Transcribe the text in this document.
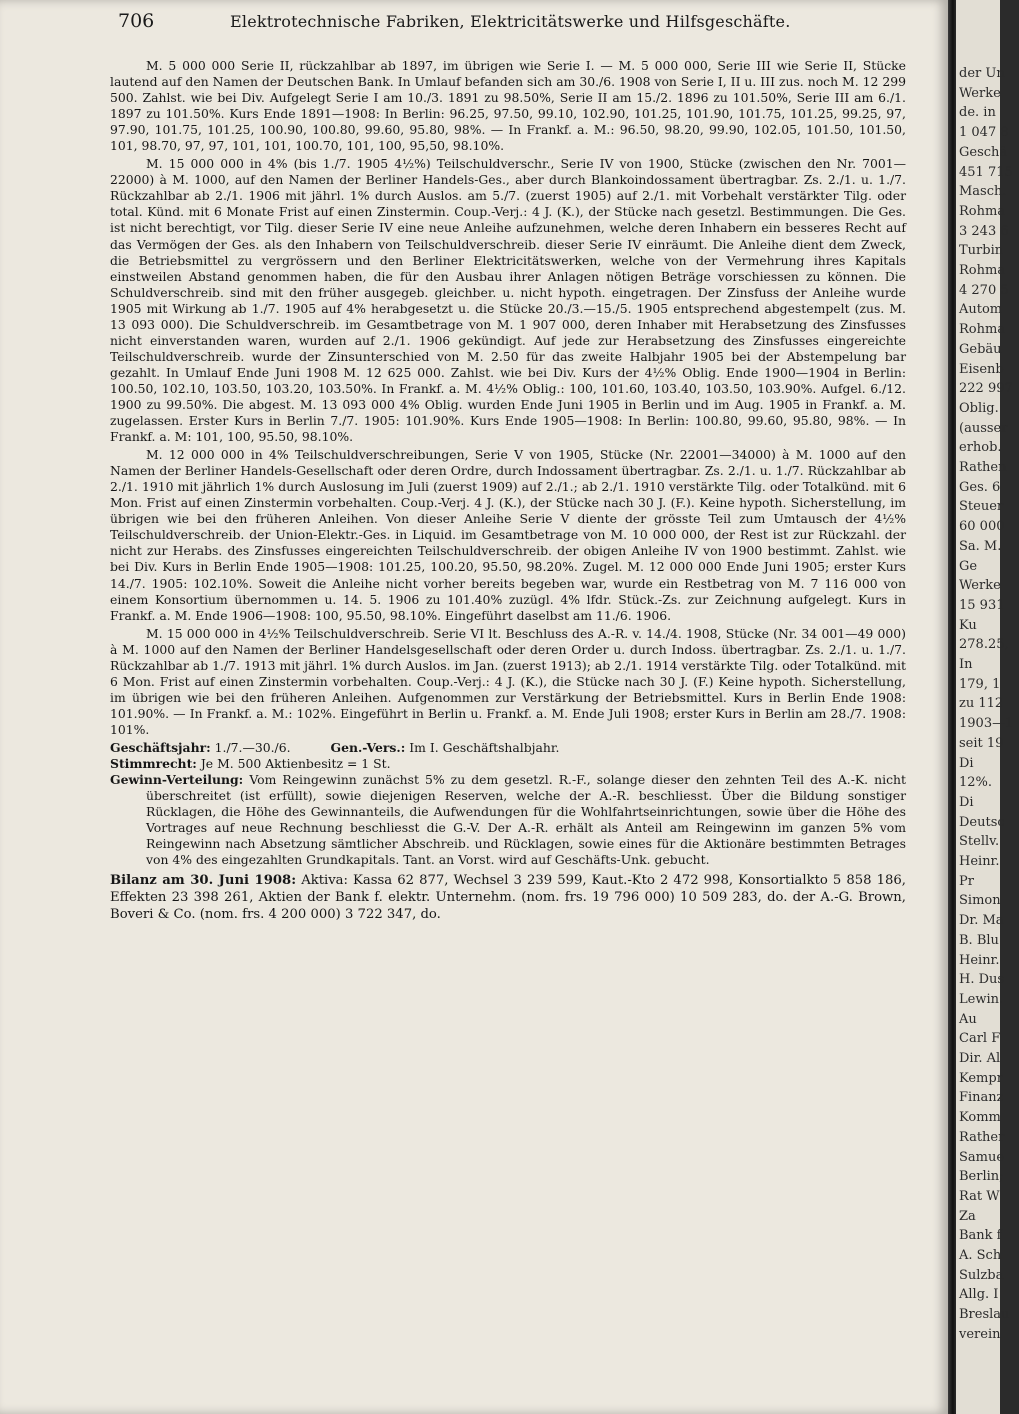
706	Elektrotechnische Fabriken, Elektricitätswerke und Hilfsgeschäfte.

M. 5 000 000 Serie II, rückzahlbar ab 1897, im übrigen wie Serie I. — M. 5 000 000, Serie III wie Serie II, Stücke lautend auf den Namen der Deutschen Bank. In Umlauf befanden sich am 30./6. 1908 von Serie I, II u. III zus. noch M. 12 299 500. Zahlst. wie bei Div. Aufgelegt Serie I am 10./3. 1891 zu 98.50%, Serie II am 15./2. 1896 zu 101.50%, Serie III am 6./1. 1897 zu 101.50%. Kurs Ende 1891—1908: In Berlin: 96.25, 97.50, 99.10, 102.90, 101.25, 101.90, 101.75, 101.25, 99.25, 97, 97.90, 101.75, 101.25, 100.90, 100.80, 99.60, 95.80, 98%. — In Frankf. a. M.: 96.50, 98.20, 99.90, 102.05, 101.50, 101.50, 101, 98.70, 97, 97, 101, 101, 100.70, 101, 100, 95,50, 98.10%.

M. 15 000 000 in 4% (bis 1./7. 1905 4½%) Teilschuldverschr., Serie IV von 1900, Stücke (zwischen den Nr. 7001—22000) à M. 1000, auf den Namen der Berliner Handels-Ges., aber durch Blankoindossament übertragbar. Zs. 2./1. u. 1./7. Rückzahlbar ab 2./1. 1906 mit jährl. 1% durch Auslos. am 5./7. (zuerst 1905) auf 2./1. mit Vorbehalt verstärkter Tilg. oder total. Künd. mit 6 Monate Frist auf einen Zinstermin. Coup.-Verj.: 4 J. (K.), der Stücke nach gesetzl. Bestimmungen. Die Ges. ist nicht berechtigt, vor Tilg. dieser Serie IV eine neue Anleihe aufzunehmen, welche deren Inhabern ein besseres Recht auf das Vermögen der Ges. als den Inhabern von Teilschuldverschreib. dieser Serie IV einräumt. Die Anleihe dient dem Zweck, die Betriebsmittel zu vergrössern und den Berliner Elektricitätswerken, welche von der Vermehrung ihres Kapitals einstweilen Abstand genommen haben, die für den Ausbau ihrer Anlagen nötigen Beträge vorschiessen zu können. Die Schuldverschreib. sind mit den früher ausgegeb. gleichber. u. nicht hypoth. eingetragen. Der Zinsfuss der Anleihe wurde 1905 mit Wirkung ab 1./7. 1905 auf 4% herabgesetzt u. die Stücke 20./3.—15./5. 1905 entsprechend abgestempelt (zus. M. 13 093 000). Die Schuldverschreib. im Gesamtbetrage von M. 1 907 000, deren Inhaber mit Herabsetzung des Zinsfusses nicht einverstanden waren, wurden auf 2./1. 1906 gekündigt. Auf jede zur Herabsetzung des Zinsfusses eingereichte Teilschuldverschreib. wurde der Zinsunterschied von M. 2.50 für das zweite Halbjahr 1905 bei der Abstempelung bar gezahlt. In Umlauf Ende Juni 1908 M. 12 625 000. Zahlst. wie bei Div. Kurs der 4½% Oblig. Ende 1900—1904 in Berlin: 100.50, 102.10, 103.50, 103.20, 103.50%. In Frankf. a. M. 4½% Oblig.: 100, 101.60, 103.40, 103.50, 103.90%. Aufgel. 6./12. 1900 zu 99.50%. Die abgest. M. 13 093 000 4% Oblig. wurden Ende Juni 1905 in Berlin und im Aug. 1905 in Frankf. a. M. zugelassen. Erster Kurs in Berlin 7./7. 1905: 101.90%. Kurs Ende 1905—1908: In Berlin: 100.80, 99.60, 95.80, 98%. — In Frankf. a. M: 101, 100, 95.50, 98.10%.

M. 12 000 000 in 4% Teilschuldverschreibungen, Serie V von 1905, Stücke (Nr. 22001—34000) à M. 1000 auf den Namen der Berliner Handels-Gesellschaft oder deren Ordre, durch Indossament übertragbar. Zs. 2./1. u. 1./7. Rückzahlbar ab 2./1. 1910 mit jährlich 1% durch Auslosung im Juli (zuerst 1909) auf 2./1.; ab 2./1. 1910 verstärkte Tilg. oder Totalkünd. mit 6 Mon. Frist auf einen Zinstermin vorbehalten. Coup.-Verj. 4 J. (K.), der Stücke nach 30 J. (F.). Keine hypoth. Sicherstellung, im übrigen wie bei den früheren Anleihen. Von dieser Anleihe Serie V diente der grösste Teil zum Umtausch der 4½% Teilschuldverschreib. der Union-Elektr.-Ges. in Liquid. im Gesamtbetrage von M. 10 000 000, der Rest ist zur Rückzahl. der nicht zur Herabs. des Zinsfusses eingereichten Teilschuldverschreib. der obigen Anleihe IV von 1900 bestimmt. Zahlst. wie bei Div. Kurs in Berlin Ende 1905—1908: 101.25, 100.20, 95.50, 98.20%. Zugel. M. 12 000 000 Ende Juni 1905; erster Kurs 14./7. 1905: 102.10%. Soweit die Anleihe nicht vorher bereits begeben war, wurde ein Restbetrag von M. 7 116 000 von einem Konsortium übernommen u. 14. 5. 1906 zu 101.40% zuzügl. 4% lfdr. Stück.-Zs. zur Zeichnung aufgelegt. Kurs in Frankf. a. M. Ende 1906—1908: 100, 95.50, 98.10%. Eingeführt daselbst am 11./6. 1906.

M. 15 000 000 in 4½% Teilschuldverschreib. Serie VI lt. Beschluss des A.-R. v. 14./4. 1908, Stücke (Nr. 34 001—49 000) à M. 1000 auf den Namen der Berliner Handelsgesellschaft oder deren Order u. durch Indoss. übertragbar. Zs. 2./1. u. 1./7. Rückzahlbar ab 1./7. 1913 mit jährl. 1% durch Auslos. im Jan. (zuerst 1913); ab 2./1. 1914 verstärkte Tilg. oder Totalkünd. mit 6 Mon. Frist auf einen Zinstermin vorbehalten. Coup.-Verj.: 4 J. (K.), die Stücke nach 30 J. (F.) Keine hypoth. Sicherstellung, im übrigen wie bei den früheren Anleihen. Aufgenommen zur Verstärkung der Betriebsmittel. Kurs in Berlin Ende 1908: 101.90%. — In Frankf. a. M.: 102%. Eingeführt in Berlin u. Frankf. a. M. Ende Juli 1908; erster Kurs in Berlin am 28./7. 1908: 101%.

Geschäftsjahr: 1./7.—30./6.	Gen.-Vers.: Im I. Geschäftshalbjahr.

Stimmrecht: Je M. 500 Aktienbesitz = 1 St.

Gewinn-Verteilung: Vom Reingewinn zunächst 5% zu dem gesetzl. R.-F., solange dieser den zehnten Teil des A.-K. nicht überschreitet (ist erfüllt), sowie diejenigen Reserven, welche der A.-R. beschliesst. Über die Bildung sonstiger Rücklagen, die Höhe des Gewinnanteils, die Aufwendungen für die Wohlfahrtseinrichtungen, sowie über die Höhe des Vortrages auf neue Rechnung beschliesst die G.-V. Der A.-R. erhält als Anteil am Reingewinn im ganzen 5% vom Reingewinn nach Absetzung sämtlicher Abschreib. und Rücklagen, sowie eines für die Aktionäre bestimmten Betrages von 4% des eingezahlten Grundkapitals. Tant. an Vorst. wird auf Geschäfts-Unk. gebucht.

Bilanz am 30. Juni 1908: Aktiva: Kassa 62 877, Wechsel 3 239 599, Kaut.-Kto 2 472 998, Konsortialkto 5 858 186, Effekten 23 398 261, Aktien der Bank f. elektr. Unternehm. (nom. frs. 19 796 000) 10 509 283, do. der A.-G. Brown, Boveri & Co. (nom. frs. 4 200 000) 3 722 347, do.

der Un
Werke
de. in
1 047 8
Geschä
451 715
Masch.
Rohma
3 243 6
Turbin
Rohma
4 270 5
Autom
Rohma
Gebäu
Eisenb
222 997
Oblig.
(ausser
erhob.
Rathen
Ges. 6
Steuer
60 000
Sa. M.
Ge
Werke
15 931
Ku
278.25,
In
179, 1
zu 112
1903—1
seit 19
Di
12%.
Di
Deutsc
Stellv.
Heinr.
Pr
Simon
Dr. Ma
B. Blu
Heinr.
H. Dus
Lewin.
Au
Carl F
Dir. Al
Kempr
Finanz
Komm
Rather
Samue
Berlin;
Rat W
Za
Bank f
A. Sch
Sulzba
Allg. I
Breslau
verein
